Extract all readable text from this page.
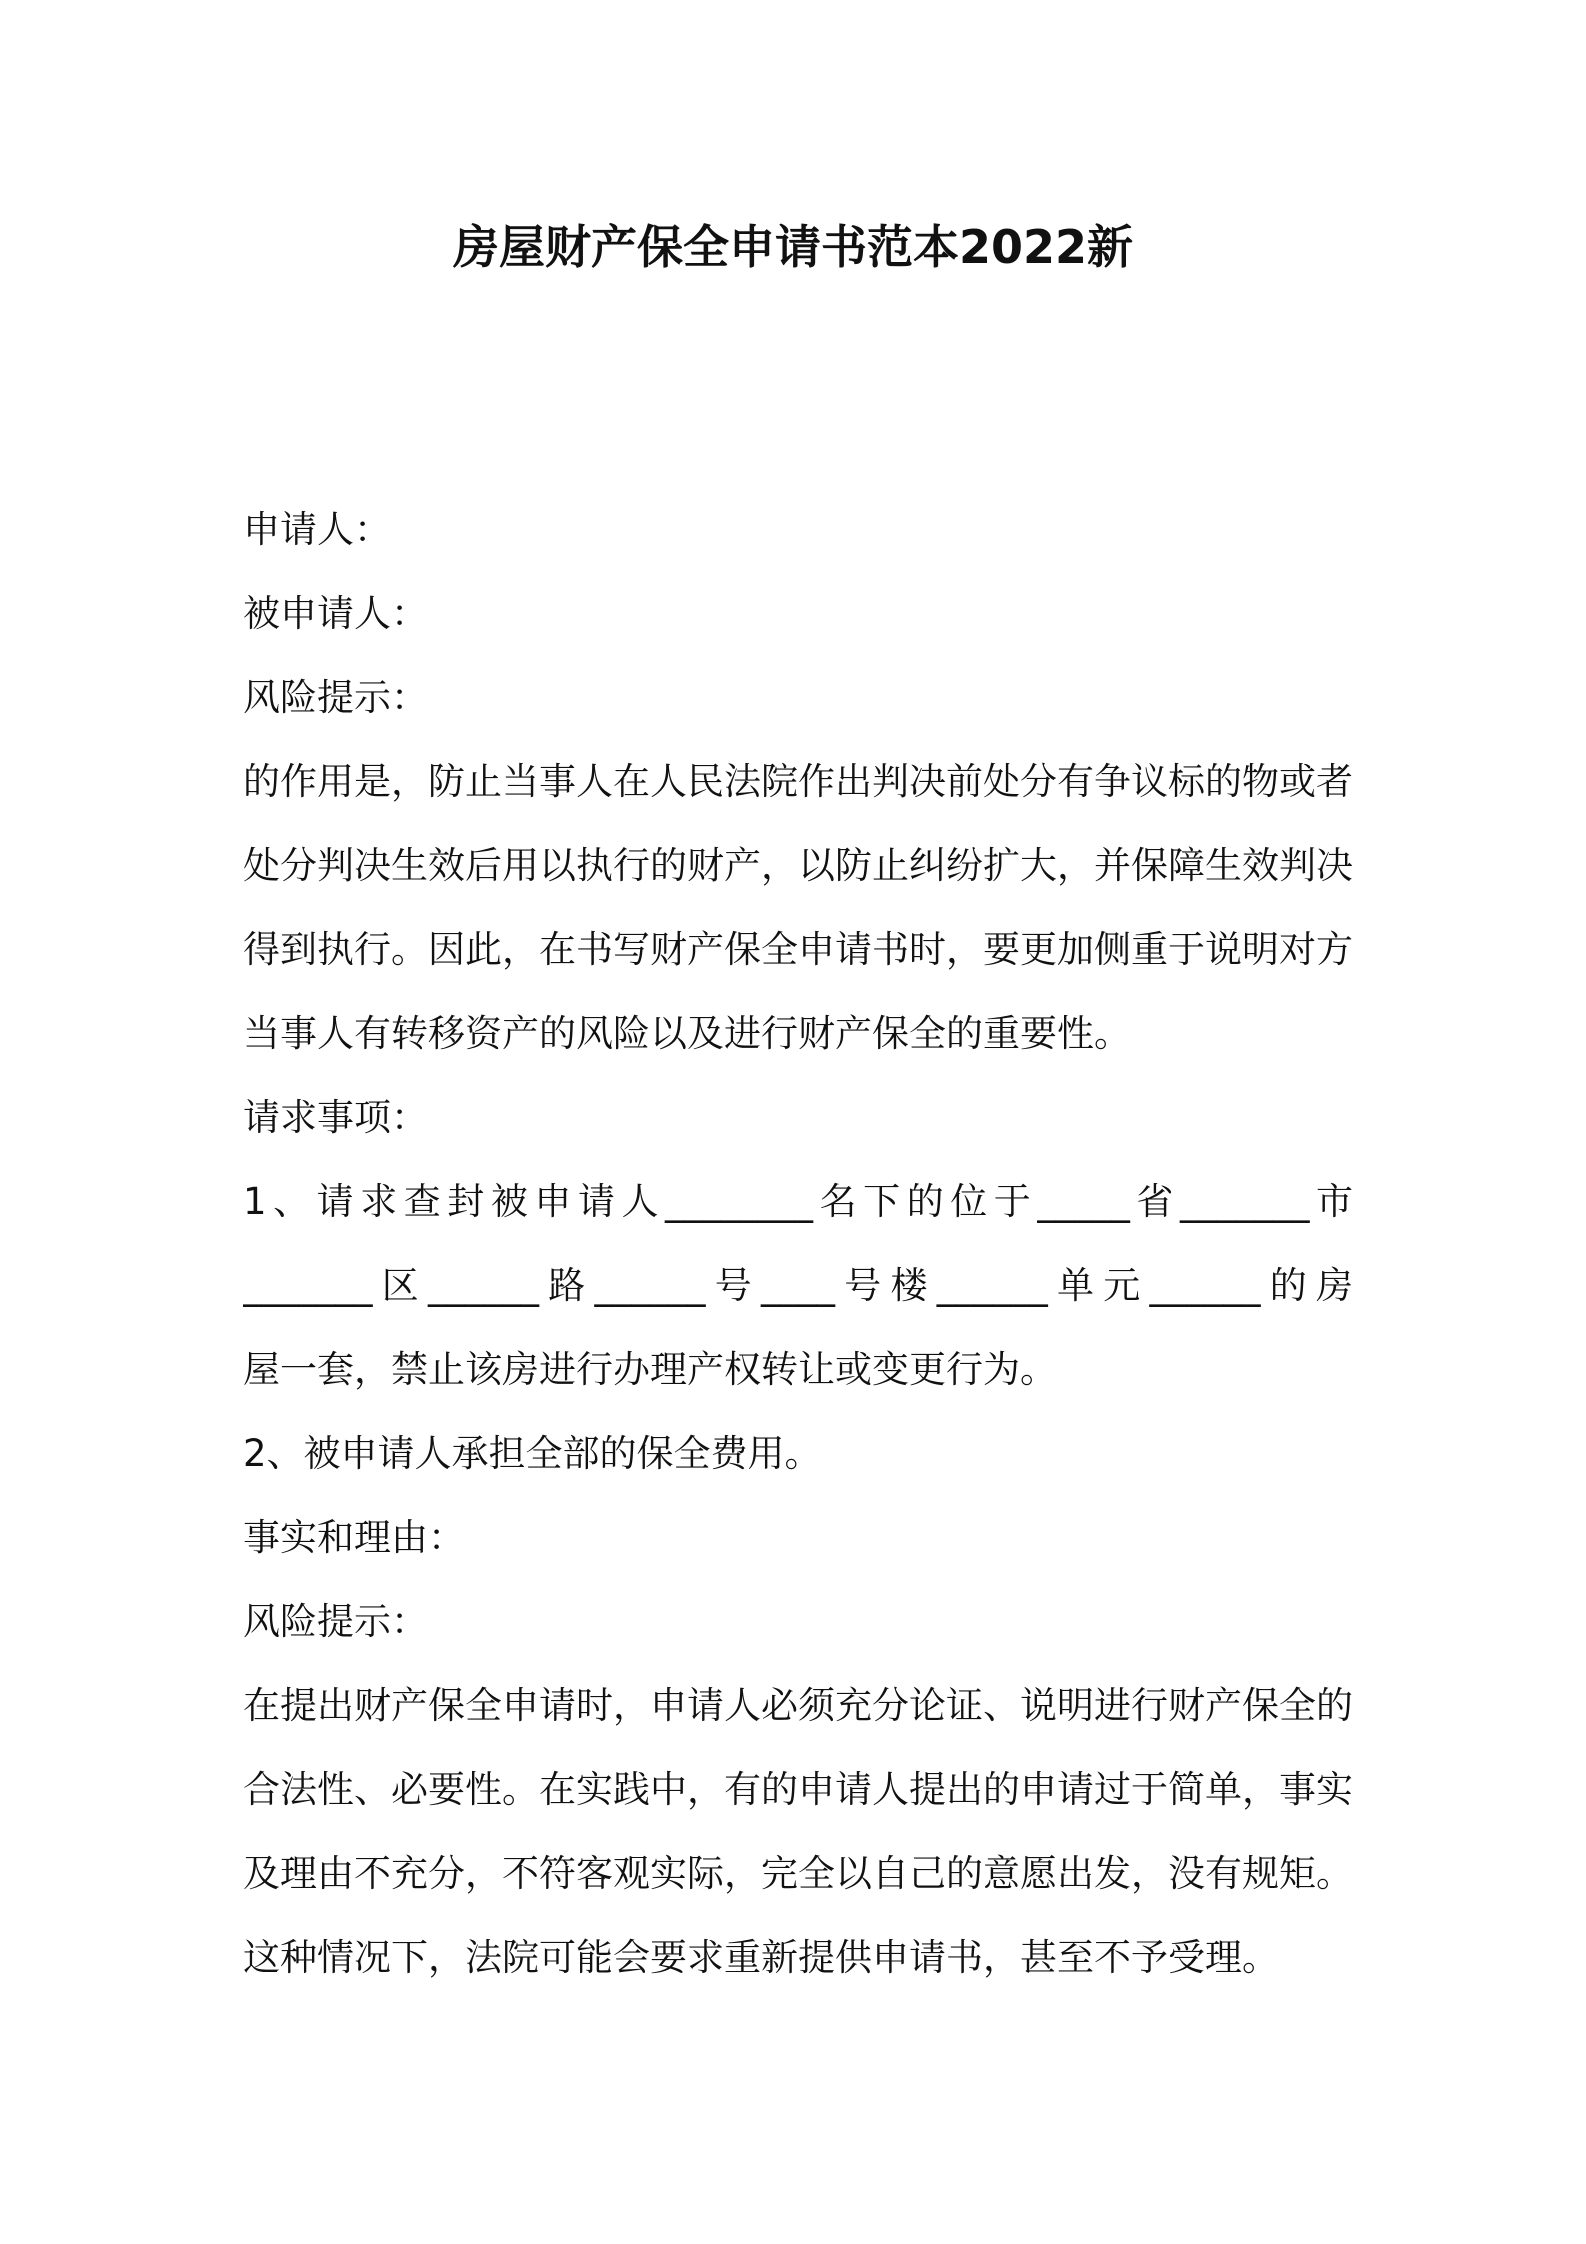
房屋财产保全申请书范本2022新
申请人：
被申请人：
风险提示：
的作用是，防止当事人在人民法院作出判决前处分有争议标的物或者
处分判决生效后用以执行的财产，以防止纠纷扩大，并保障生效判决
得到执行。因此，在书写财产保全申请书时，要更加侧重于说明对方
当事人有转移资产的风险以及进行财产保全的重要性。
请求事项：
1、请求查封被申请人________名下的位于_____省_______市
_______区______路______号____号楼______单元______的房
屋一套，禁止该房进行办理产权转让或变更行为。
2、被申请人承担全部的保全费用。
事实和理由：
风险提示：
在提出财产保全申请时，申请人必须充分论证、说明进行财产保全的
合法性、必要性。在实践中，有的申请人提出的申请过于简单，事实
及理由不充分，不符客观实际，完全以自己的意愿出发，没有规矩。
这种情况下，法院可能会要求重新提供申请书，甚至不予受理。
